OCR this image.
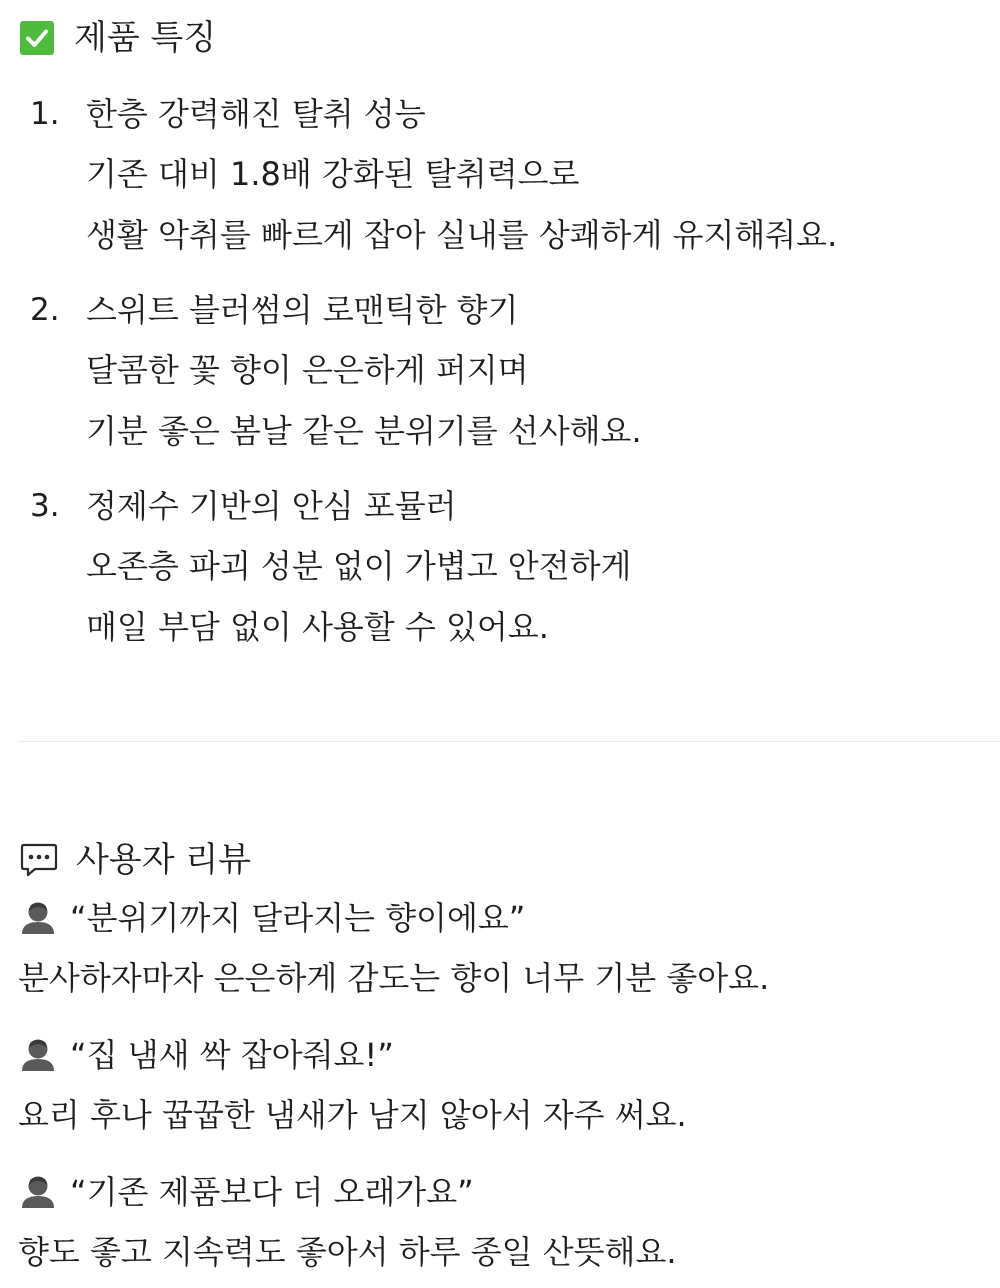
제품 특징
1. 한층 강력해진 탈취 성능
기존 대비 1.8배 강화된 탈취력으로
생활 악취를 빠르게 잡아 실내를 상쾌하게 유지해줘요.
2. 스위트 블러썸의 로맨틱한 향기
달콤한 꽃 향이 은은하게 퍼지며
기분 좋은 봄날 같은 분위기를 선사해요.
3. 정제수 기반의 안심 포뮬러
오존층 파괴 성분 없이 가볍고 안전하게
매일 부담 없이 사용할 수 있어요.
사용자 리뷰
“분위기까지 달라지는 향이에요”
분사하자마자 은은하게 감도는 향이 너무 기분 좋아요.
“집 냄새 싹 잡아줘요!”
요리 후나 꿉꿉한 냄새가 남지 않아서 자주 써요.
“기존 제품보다 더 오래가요”
향도 좋고 지속력도 좋아서 하루 종일 산뜻해요.
